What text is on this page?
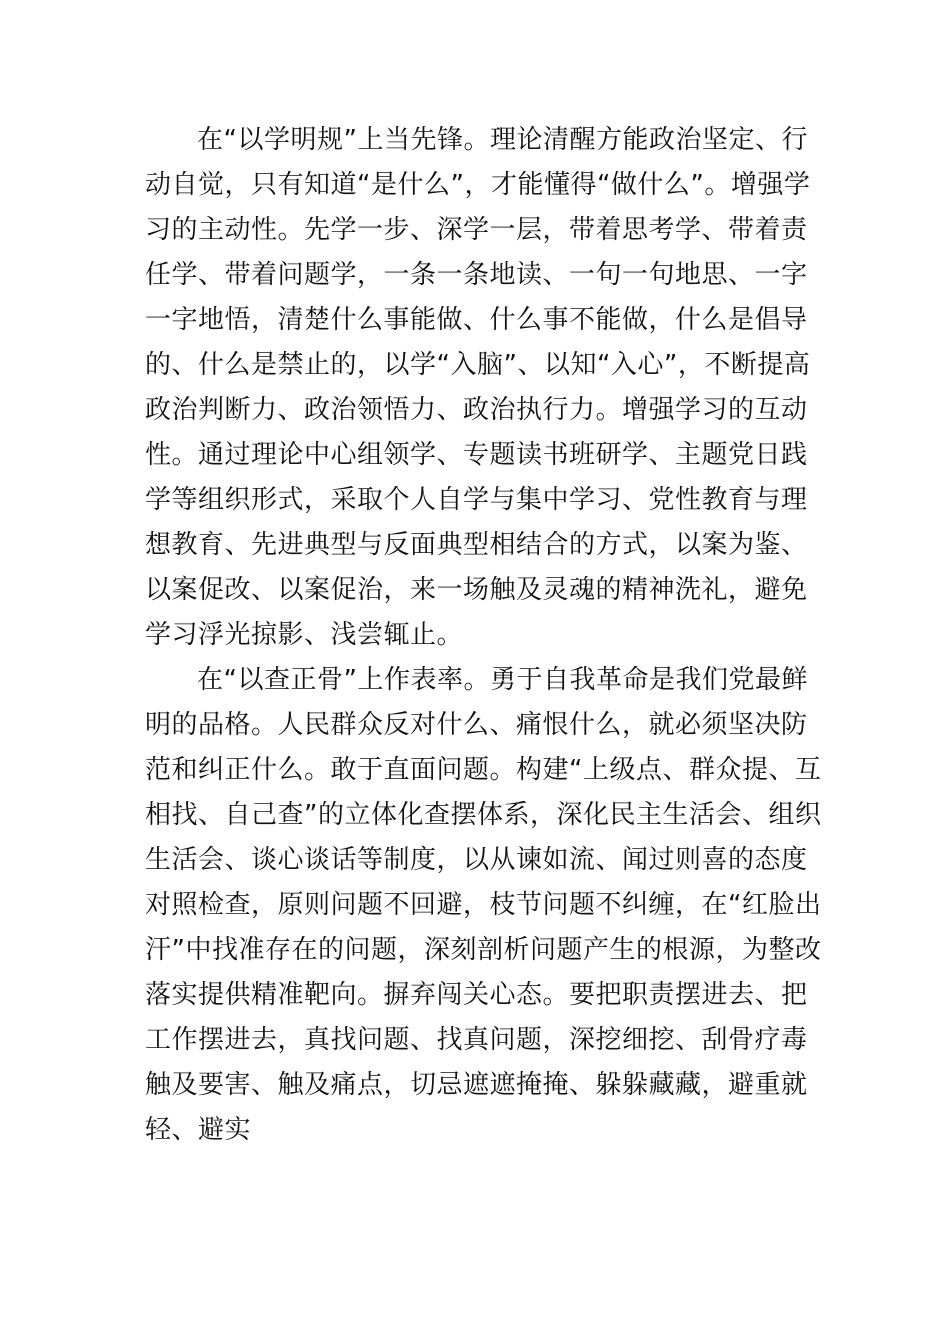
在“以学明规”上当先锋。理论清醒方能政治坚定、行
动自觉，只有知道“是什么”，才能懂得“做什么”。增强学
习的主动性。先学一步、深学一层，带着思考学、带着责
任学、带着问题学，一条一条地读、一句一句地思、一字
一字地悟，清楚什么事能做、什么事不能做，什么是倡导
的、什么是禁止的，以学“入脑”、以知“入心”，不断提高
政治判断力、政治领悟力、政治执行力。增强学习的互动
性。通过理论中心组领学、专题读书班研学、主题党日践
学等组织形式，采取个人自学与集中学习、党性教育与理
想教育、先进典型与反面典型相结合的方式，以案为鉴、
以案促改、以案促治，来一场触及灵魂的精神洗礼，避免
学习浮光掠影、浅尝辄止。
在“以查正骨”上作表率。勇于自我革命是我们党最鲜
明的品格。人民群众反对什么、痛恨什么，就必须坚决防
范和纠正什么。敢于直面问题。构建“上级点、群众提、互
相找、自己查”的立体化查摆体系，深化民主生活会、组织
生活会、谈心谈话等制度，以从谏如流、闻过则喜的态度
对照检查，原则问题不回避，枝节问题不纠缠，在“红脸出
汗”中找准存在的问题，深刻剖析问题产生的根源，为整改
落实提供精准靶向。摒弃闯关心态。要把职责摆进去、把
工作摆进去，真找问题、找真问题，深挖细挖、刮骨疗毒
触及要害、触及痛点，切忌遮遮掩掩、躲躲藏藏，避重就
轻、避实
